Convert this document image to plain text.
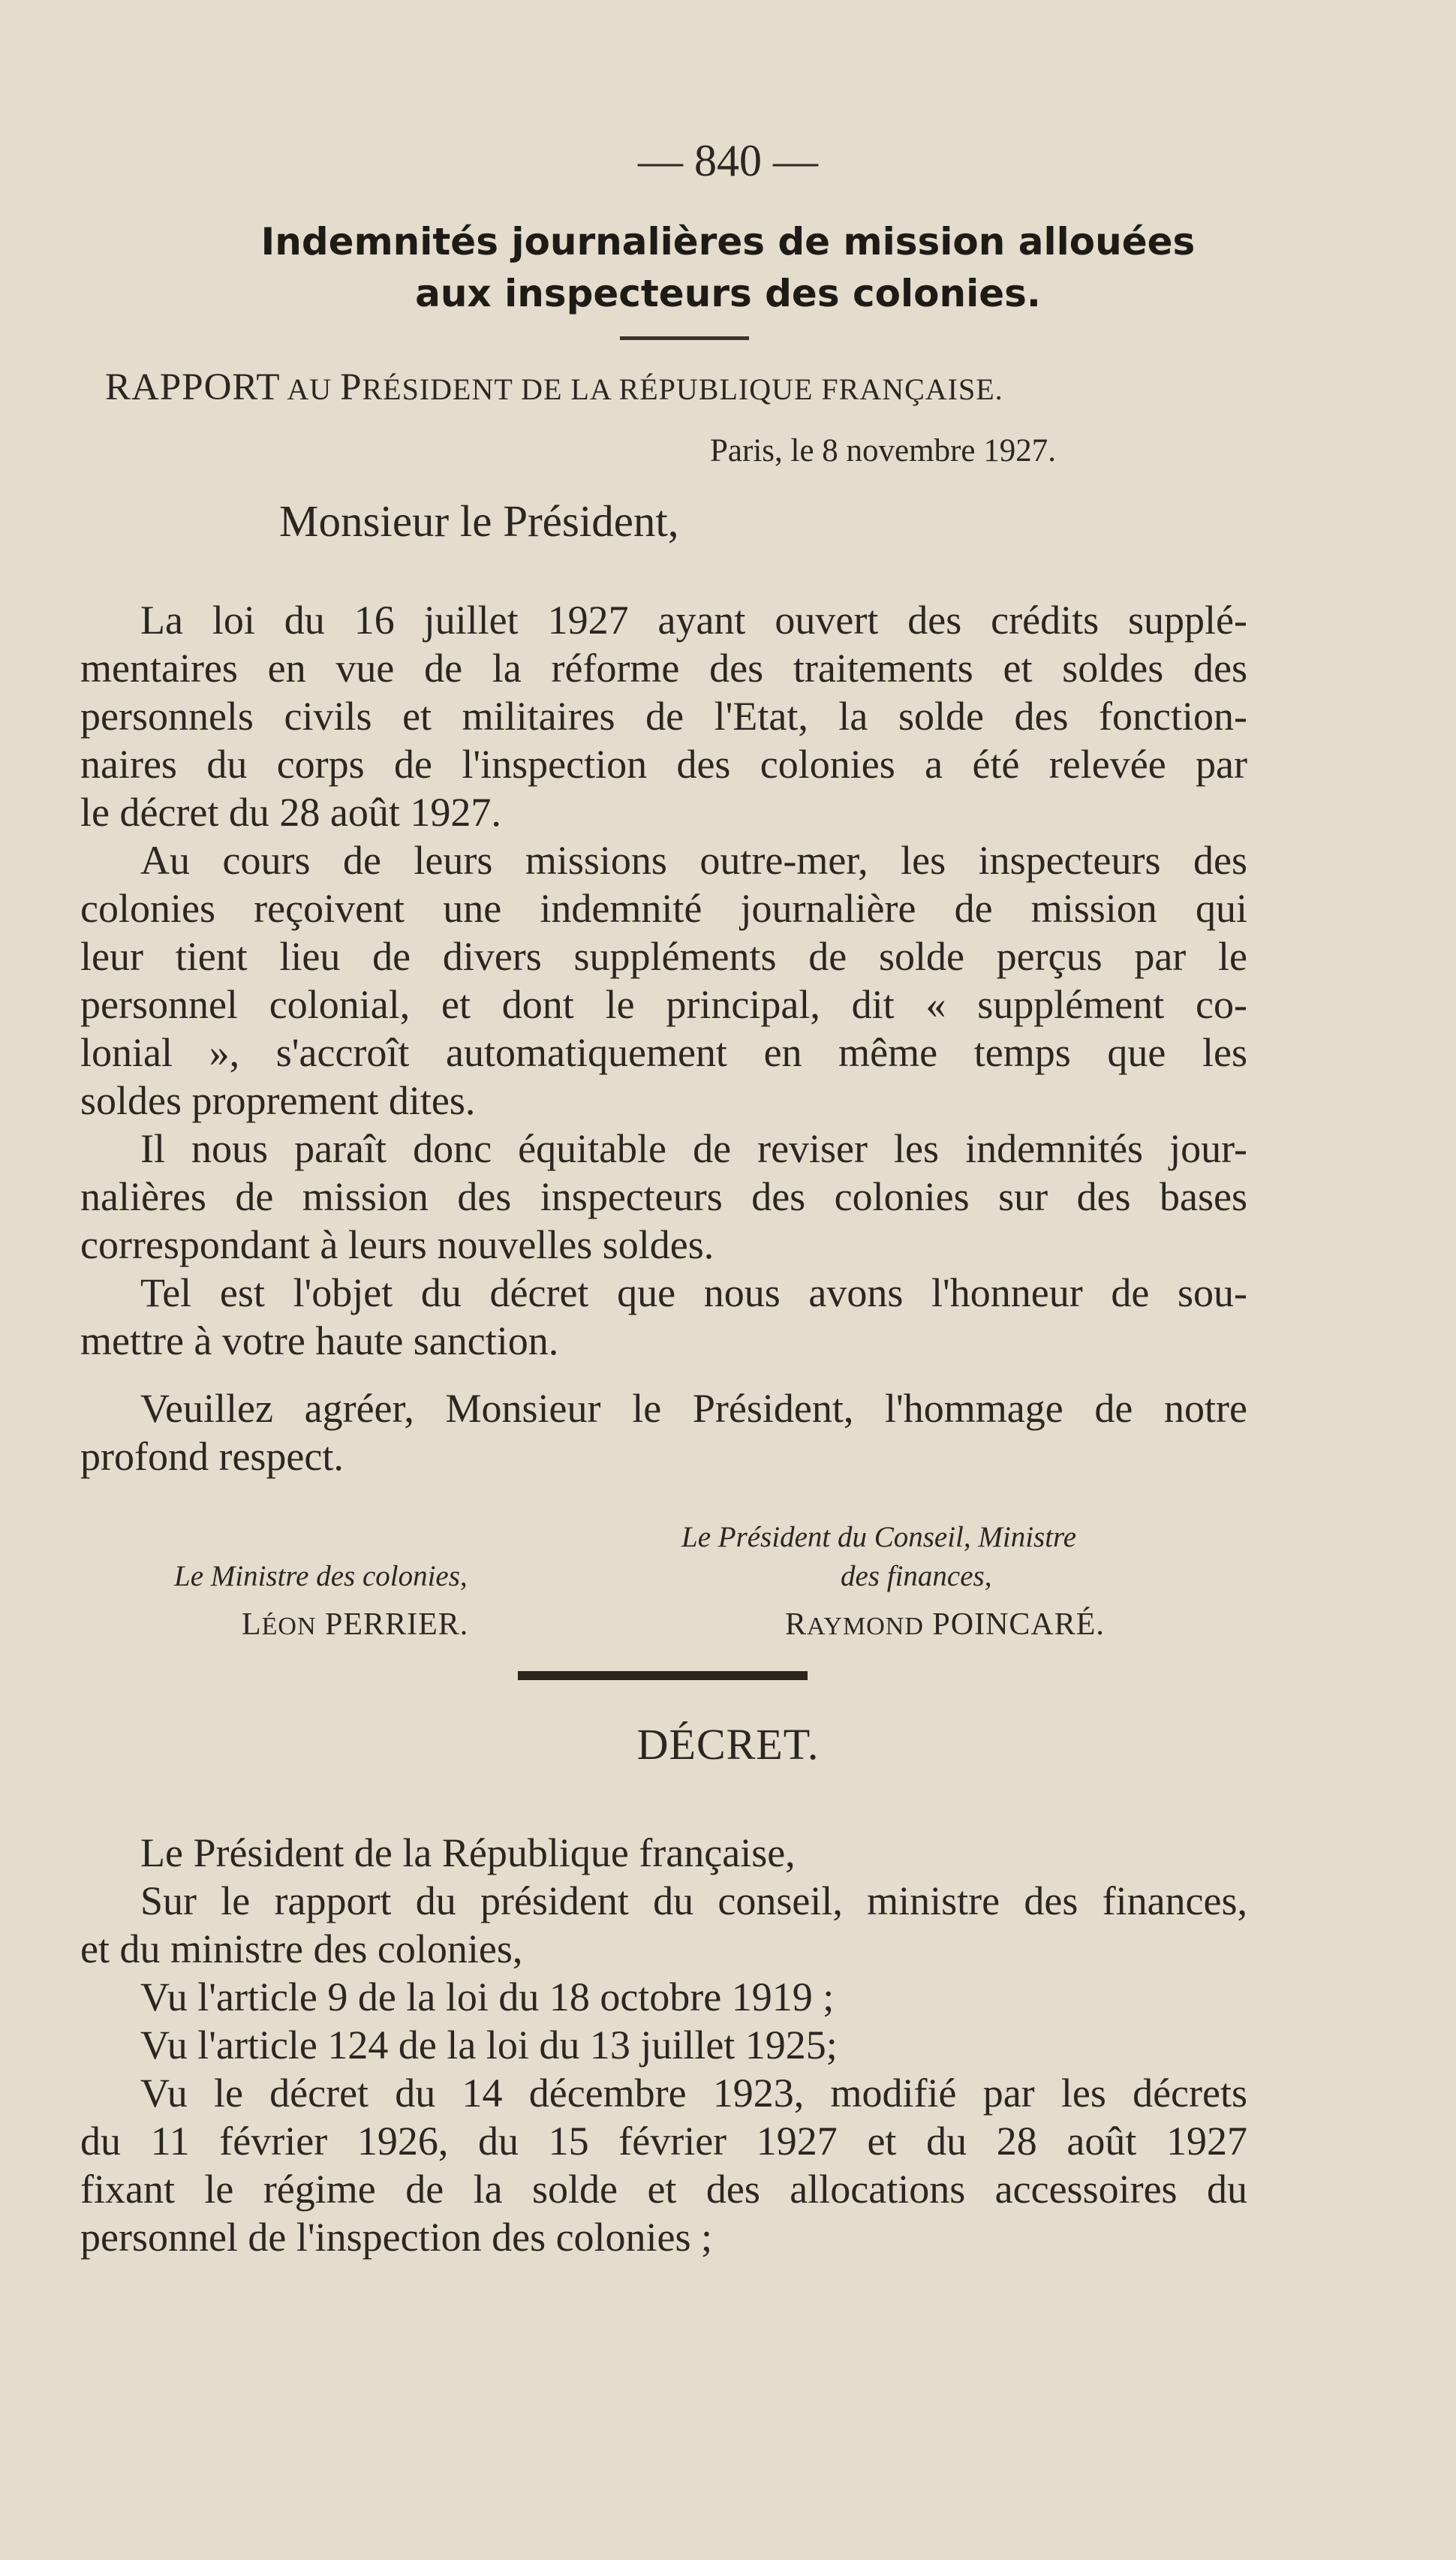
— 840 —
Indemnités journalières de mission allouées
aux inspecteurs des colonies.
RAPPORT AU PRÉSIDENT DE LA RÉPUBLIQUE FRANÇAISE.
Paris, le 8 novembre 1927.
Monsieur le Président,
La loi du 16 juillet 1927 ayant ouvert des crédits supplé-
mentaires en vue de la réforme des traitements et soldes des
personnels civils et militaires de l'Etat, la solde des fonction-
naires du corps de l'inspection des colonies a été relevée par
le décret du 28 août 1927.
Au cours de leurs missions outre-mer, les inspecteurs des
colonies reçoivent une indemnité journalière de mission qui
leur tient lieu de divers suppléments de solde perçus par le
personnel colonial, et dont le principal, dit « supplément co-
lonial », s'accroît automatiquement en même temps que les
soldes proprement dites.
Il nous paraît donc équitable de reviser les indemnités jour-
nalières de mission des inspecteurs des colonies sur des bases
correspondant à leurs nouvelles soldes.
Tel est l'objet du décret que nous avons l'honneur de sou-
mettre à votre haute sanction.
Veuillez agréer, Monsieur le Président, l'hommage de notre
profond respect.
Le Président du Conseil, Ministre
Le Ministre des colonies,	des finances,
LÉON PERRIER.	RAYMOND POINCARÉ.
DÉCRET.
Le Président de la République française,
Sur le rapport du président du conseil, ministre des finances,
et du ministre des colonies,
Vu l'article 9 de la loi du 18 octobre 1919 ;
Vu l'article 124 de la loi du 13 juillet 1925;
Vu le décret du 14 décembre 1923, modifié par les décrets
du 11 février 1926, du 15 février 1927 et du 28 août 1927
fixant le régime de la solde et des allocations accessoires du
personnel de l'inspection des colonies ;
